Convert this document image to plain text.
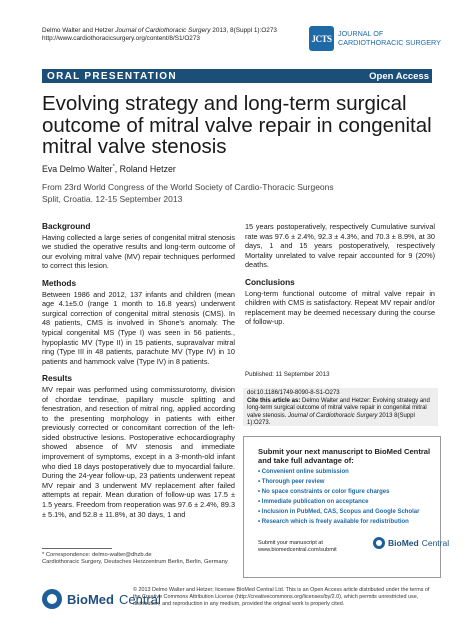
Delmo Walter and Hetzer Journal of Cardiothoracic Surgery 2013, 8(Suppl 1):O273
http://www.cardiothoracicsurgery.org/content/8/S1/O273	JCTS JOURNAL OF
CARDIOTHORACIC SURGERY
ORAL PRESENTATION	Open Access
Evolving strategy and long-term surgical outcome of mitral valve repair in congenital mitral valve stenosis
Eva Delmo Walter*, Roland Hetzer
From 23rd World Congress of the World Society of Cardio-Thoracic Surgeons
Split, Croatia. 12-15 September 2013
Background

Having collected a large series of congenital mitral stenosis we studied the operative results and long-term outcome of our evolving mitral valve (MV) repair techniques performed to correct this lesion.

Methods

Between 1986 and 2012, 137 infants and children (mean age 4.1±5.0 (range 1 month to 16.8 years) underwent surgical correction of congenital mitral stenosis (CMS). In 48 patients, CMS is involved in Shone's anomaly. The typical congenital MS (Type I) was seen in 56 patients., hypoplastic MV (Type II) in 15 patients, supravalvar mitral ring (Type III in 48 patients, parachute MV (Type IV) in 10 patients and hammock valve (Type IV) in 8 patients.

Results

MV repair was performed using commissurotomy, division of chordae tendinae, papillary muscle splitting and fenestration, and resection of mitral ring, applied according to the presenting morphology in patients with either previously corrected or concomitant correction of the left-sided obstructive lesions. Postoperative echocardiography showed absence of MV stenosis and immediate improvement of symptoms, except in a 3-month-old infant who died 18 days postoperatively due to myocardial failure. During the 24-year follow-up, 23 patients underwent repeat MV repair and 3 underwent MV replacement after failed attempts at repair. Mean duration of follow-up was 17.5 ± 1.5 years. Freedom from reoperation was 97.6 ± 2.4%, 89.3 ± 5.1%, and 52.8 ± 11.8%, at 30 days, 1 and

15 years postoperatively, respectively Cumulative survival rate was 97.6 ± 2.4%, 92.3 ± 4.3%, and 70.3 ± 8.9%, at 30 days, 1 and 15 years postoperatively, respectively Mortality unrelated to valve repair accounted for 9 (20%) deaths.

Conclusions

Long-term functional outcome of mitral valve repair in children with CMS is satisfactory. Repeat MV repair and/or replacement may be deemed necessary during the course of follow-up.

Published: 11 September 2013
doi:10.1186/1749-8090-8-S1-O273
Cite this article as: Delmo Walter and Hetzer: Evolving strategy and long-term surgical outcome of mitral valve repair in congenital mitral valve stenosis. Journal of Cardiothoracic Surgery 2013 8(Suppl 1):O273.
Submit your next manuscript to BioMed Central
and take full advantage of:
• Convenient online submission
• Thorough peer review
• No space constraints or color figure charges
• Immediate publication on acceptance
• Inclusion in PubMed, CAS, Scopus and Google Scholar
• Research which is freely available for redistribution
Submit your manuscript at
www.biomedcentral.com/submit
BioMed Central
* Correspondence: delmo-walter@dhzb.de
Cardiothoracic Surgery, Deutsches Herzzentrum Berlin, Berlin, Germany
BioMed Central
© 2013 Delmo Walter and Hetzer; licensee BioMed Central Ltd. This is an Open Access article distributed under the terms of the Creative Commons Attribution License (http://creativecommons.org/licenses/by/2.0), which permits unrestricted use, distribution, and reproduction in any medium, provided the original work is properly cited.
